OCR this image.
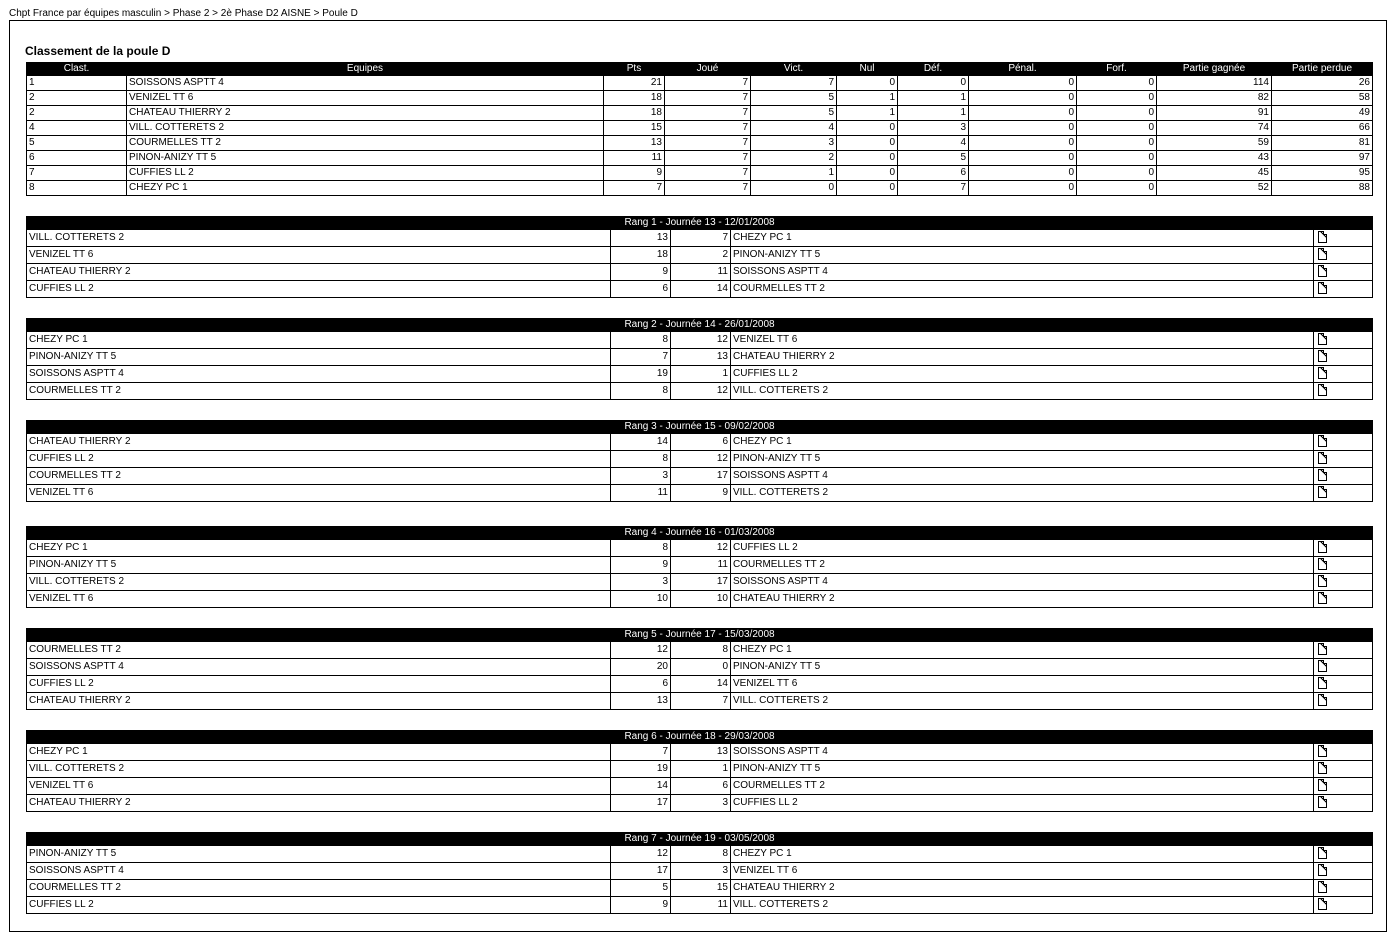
Chpt France par équipes masculin > Phase 2 > 2è Phase D2 AISNE > Poule D
Classement de la poule D
Clast.	Equipes	Pts	Joué	Vict.	Nul	Déf.	Pénal.	Forf.	Partie gagnée	Partie perdue
1	SOISSONS ASPTT 4	21	7	7	0	0	0	0	114	26
2	VENIZEL TT 6	18	7	5	1	1	0	0	82	58
2	CHATEAU THIERRY 2	18	7	5	1	1	0	0	91	49
4	VILL. COTTERETS 2	15	7	4	0	3	0	0	74	66
5	COURMELLES TT 2	13	7	3	0	4	0	0	59	81
6	PINON-ANIZY TT 5	11	7	2	0	5	0	0	43	97
7	CUFFIES LL 2	9	7	1	0	6	0	0	45	95
8	CHEZY PC 1	7	7	0	0	7	0	0	52	88
Rang 1 - Journée 13 - 12/01/2008				
VILL. COTTERETS 2	13	7	CHEZY PC 1	
VENIZEL TT 6	18	2	PINON-ANIZY TT 5	
CHATEAU THIERRY 2	9	11	SOISSONS ASPTT 4	
CUFFIES LL 2	6	14	COURMELLES TT 2	
Rang 2 - Journée 14 - 26/01/2008				
CHEZY PC 1	8	12	VENIZEL TT 6	
PINON-ANIZY TT 5	7	13	CHATEAU THIERRY 2	
SOISSONS ASPTT 4	19	1	CUFFIES LL 2	
COURMELLES TT 2	8	12	VILL. COTTERETS 2	
Rang 3 - Journée 15 - 09/02/2008				
CHATEAU THIERRY 2	14	6	CHEZY PC 1	
CUFFIES LL 2	8	12	PINON-ANIZY TT 5	
COURMELLES TT 2	3	17	SOISSONS ASPTT 4	
VENIZEL TT 6	11	9	VILL. COTTERETS 2	
Rang 4 - Journée 16 - 01/03/2008				
CHEZY PC 1	8	12	CUFFIES LL 2	
PINON-ANIZY TT 5	9	11	COURMELLES TT 2	
VILL. COTTERETS 2	3	17	SOISSONS ASPTT 4	
VENIZEL TT 6	10	10	CHATEAU THIERRY 2	
Rang 5 - Journée 17 - 15/03/2008				
COURMELLES TT 2	12	8	CHEZY PC 1	
SOISSONS ASPTT 4	20	0	PINON-ANIZY TT 5	
CUFFIES LL 2	6	14	VENIZEL TT 6	
CHATEAU THIERRY 2	13	7	VILL. COTTERETS 2	
Rang 6 - Journée 18 - 29/03/2008				
CHEZY PC 1	7	13	SOISSONS ASPTT 4	
VILL. COTTERETS 2	19	1	PINON-ANIZY TT 5	
VENIZEL TT 6	14	6	COURMELLES TT 2	
CHATEAU THIERRY 2	17	3	CUFFIES LL 2	
Rang 7 - Journée 19 - 03/05/2008				
PINON-ANIZY TT 5	12	8	CHEZY PC 1	
SOISSONS ASPTT 4	17	3	VENIZEL TT 6	
COURMELLES TT 2	5	15	CHATEAU THIERRY 2	
CUFFIES LL 2	9	11	VILL. COTTERETS 2	
